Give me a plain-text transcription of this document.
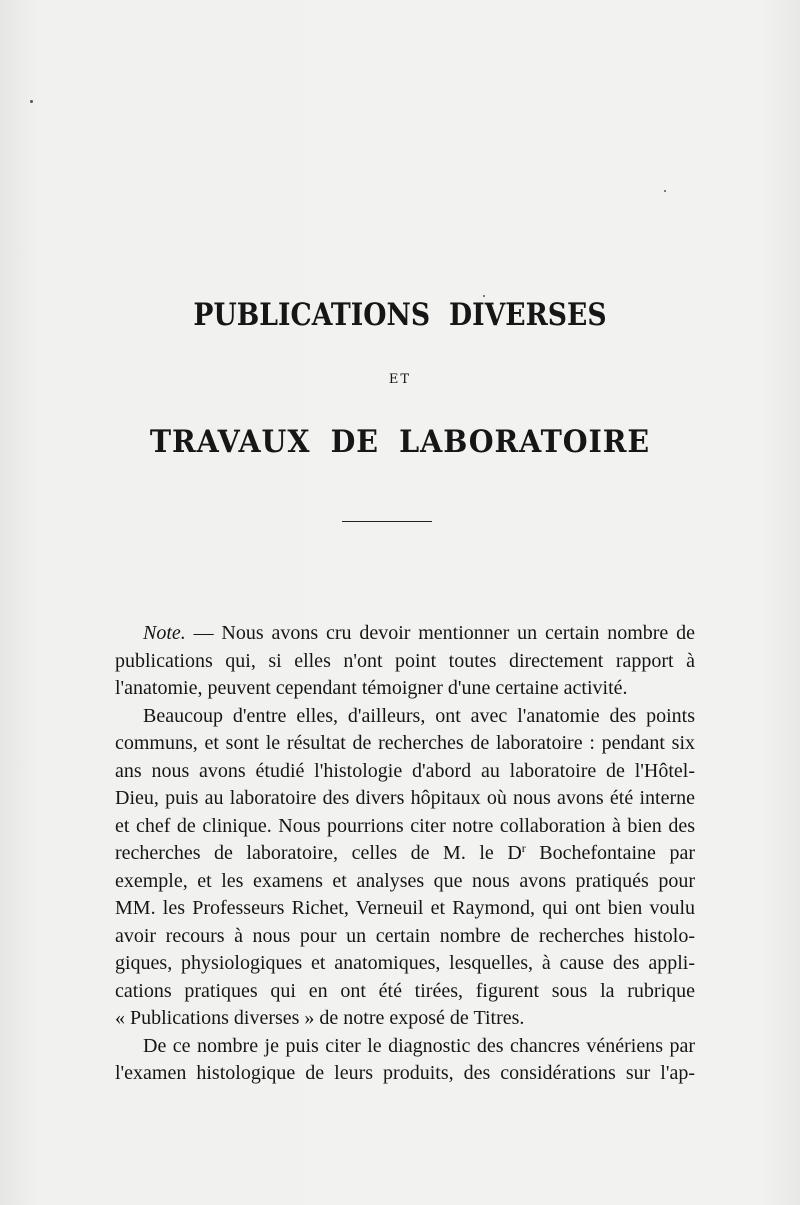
PUBLICATIONS DIVERSES
ET
TRAVAUX DE LABORATOIRE
Note. — Nous avons cru devoir mentionner un certain nombre de
publications qui, si elles n'ont point toutes directement rapport à
l'anatomie, peuvent cependant témoigner d'une certaine activité.
Beaucoup d'entre elles, d'ailleurs, ont avec l'anatomie des points
communs, et sont le résultat de recherches de laboratoire : pendant six
ans nous avons étudié l'histologie d'abord au laboratoire de l'Hôtel-
Dieu, puis au laboratoire des divers hôpitaux où nous avons été interne
et chef de clinique. Nous pourrions citer notre collaboration à bien des
recherches de laboratoire, celles de M. le $D^r$ Bochefontaine par
exemple, et les examens et analyses que nous avons pratiqués pour
MM. les Professeurs Richet, Verneuil et Raymond, qui ont bien voulu
avoir recours à nous pour un certain nombre de recherches histolo-
giques, physiologiques et anatomiques, lesquelles, à cause des appli-
cations pratiques qui en ont été tirées, figurent sous la rubrique
« Publications diverses » de notre exposé de Titres.
De ce nombre je puis citer le diagnostic des chancres vénériens par
l'examen histologique de leurs produits, des considérations sur l'ap-
